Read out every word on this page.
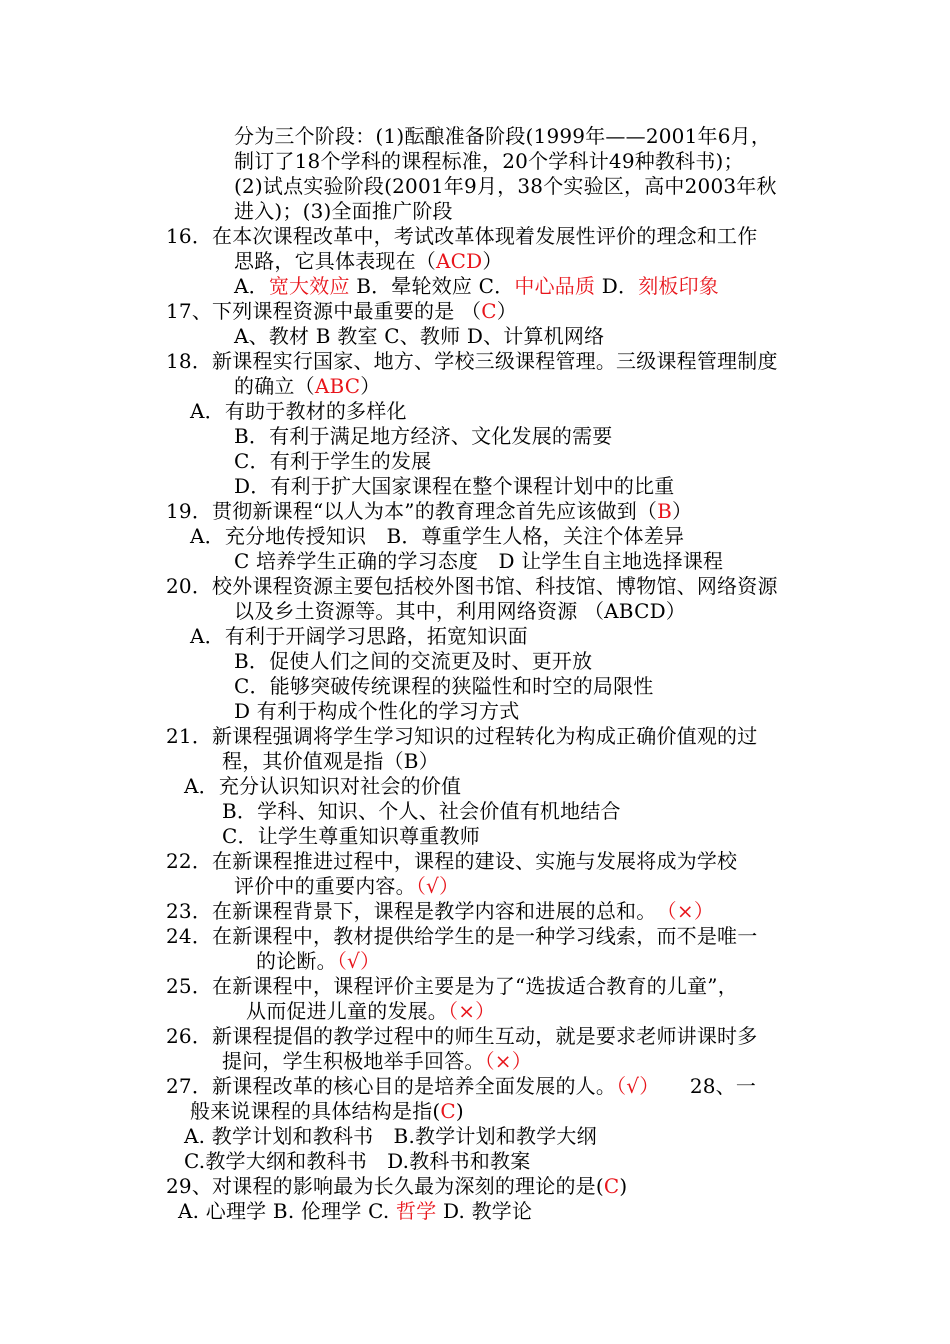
分为三个阶段：(1)酝酿准备阶段(1999年——2001年6月，
制订了18个学科的课程标准，20个学科计49种教科书)；
(2)试点实验阶段(2001年9月，38个实验区，高中2003年秋
进入)；(3)全面推广阶段
16．在本次课程改革中，考试改革体现着发展性评价的理念和工作
思路，它具体表现在（ACD）
A．宽大效应 B．晕轮效应 C．中心品质 D．刻板印象
17、下列课程资源中最重要的是 （C）
A、教材 B 教室 C、教师 D、计算机网络
18．新课程实行国家、地方、学校三级课程管理。三级课程管理制度
的确立（ABC）
A．有助于教材的多样化
B．有利于满足地方经济、文化发展的需要
C．有利于学生的发展
D．有利于扩大国家课程在整个课程计划中的比重
19．贯彻新课程“以人为本”的教育理念首先应该做到（B）
A．充分地传授知识　B．尊重学生人格，关注个体差异
C 培养学生正确的学习态度　D 让学生自主地选择课程
20．校外课程资源主要包括校外图书馆、科技馆、博物馆、网络资源
以及乡土资源等。其中，利用网络资源 （ABCD）
A．有利于开阔学习思路，拓宽知识面
B．促使人们之间的交流更及时、更开放
C．能够突破传统课程的狭隘性和时空的局限性
D 有利于构成个性化的学习方式
21．新课程强调将学生学习知识的过程转化为构成正确价值观的过
程，其价值观是指（B）
A．充分认识知识对社会的价值
B．学科、知识、个人、社会价值有机地结合
C．让学生尊重知识尊重教师
22．在新课程推进过程中，课程的建设、实施与发展将成为学校
评价中的重要内容。（√）
23．在新课程背景下，课程是教学内容和进展的总和。　（×）
24．在新课程中，教材提供给学生的是一种学习线索，而不是唯一
的论断。（√）
25．在新课程中，课程评价主要是为了“选拔适合教育的儿童”，
从而促进儿童的发展。（×）
26．新课程提倡的教学过程中的师生互动，就是要求老师讲课时多
提问，学生积极地举手回答。（×）
27．新课程改革的核心目的是培养全面发展的人。（√）　　28、一
般来说课程的具体结构是指(C)
A. 教学计划和教科书　B.教学计划和教学大纲
C.教学大纲和教科书　D.教科书和教案
29、对课程的影响最为长久最为深刻的理论的是(C)
A. 心理学 B. 伦理学 C. 哲学 D. 教学论
